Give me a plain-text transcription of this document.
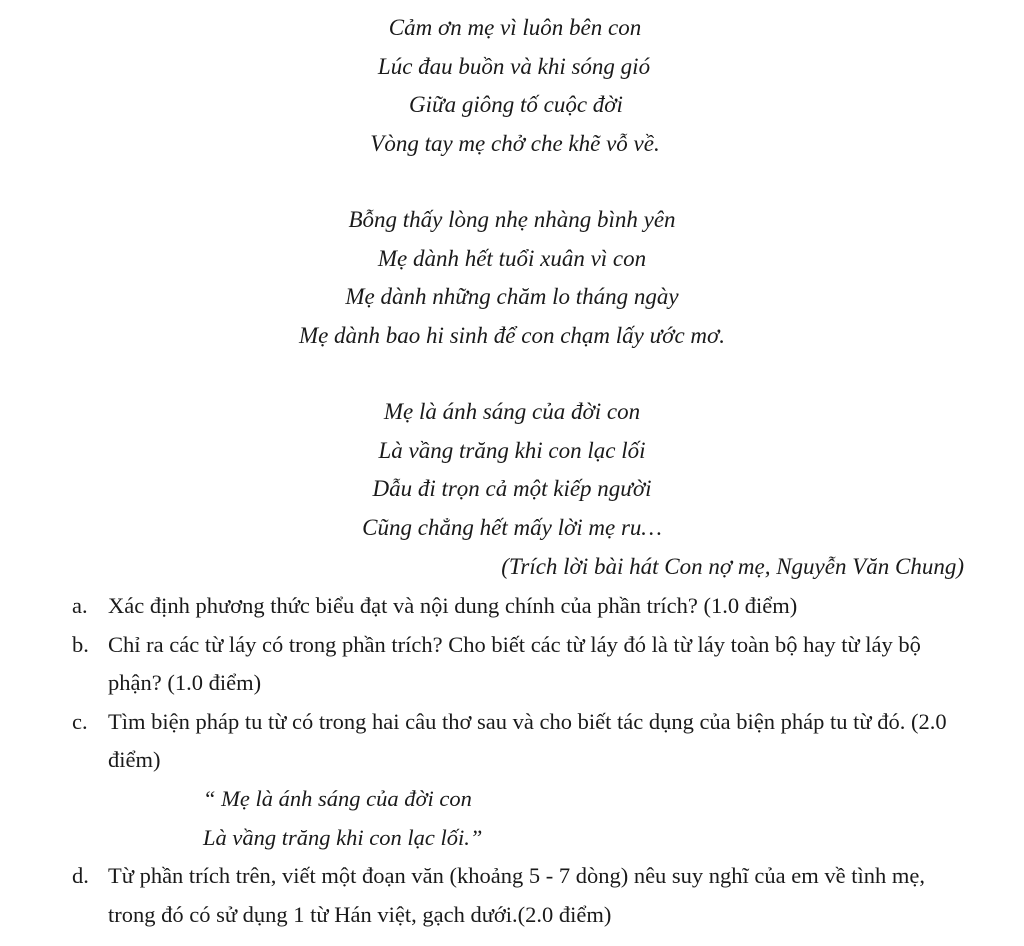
Cảm ơn mẹ vì luôn bên con
Lúc đau buồn và khi sóng gió
Giữa giông tố cuộc đời
Vòng tay mẹ chở che khẽ vỗ về.
Bỗng thấy lòng nhẹ nhàng bình yên
Mẹ dành hết tuổi xuân vì con
Mẹ dành những chăm lo tháng ngày
Mẹ dành bao hi sinh để con chạm lấy ước mơ.
Mẹ là ánh sáng của đời con
Là vầng trăng khi con lạc lối
Dẫu đi trọn cả một kiếp người
Cũng chẳng hết mấy lời mẹ ru…
(Trích lời bài hát Con nợ mẹ, Nguyễn Văn Chung)
a. Xác định phương thức biểu đạt và nội dung chính của phần trích? (1.0 điểm)
b. Chỉ ra các từ láy có trong phần trích? Cho biết các từ láy đó là từ láy toàn bộ hay từ láy bộ phận? (1.0 điểm)
c. Tìm biện pháp tu từ có trong hai câu thơ sau và cho biết tác dụng của biện pháp tu từ đó. (2.0 điểm)
“ Mẹ là ánh sáng của đời con
Là vầng trăng khi con lạc lối.”
d. Từ phần trích trên, viết một đoạn văn (khoảng 5 - 7 dòng) nêu suy nghĩ của em về tình mẹ, trong đó có sử dụng 1 từ Hán việt, gạch dưới.(2.0 điểm)
